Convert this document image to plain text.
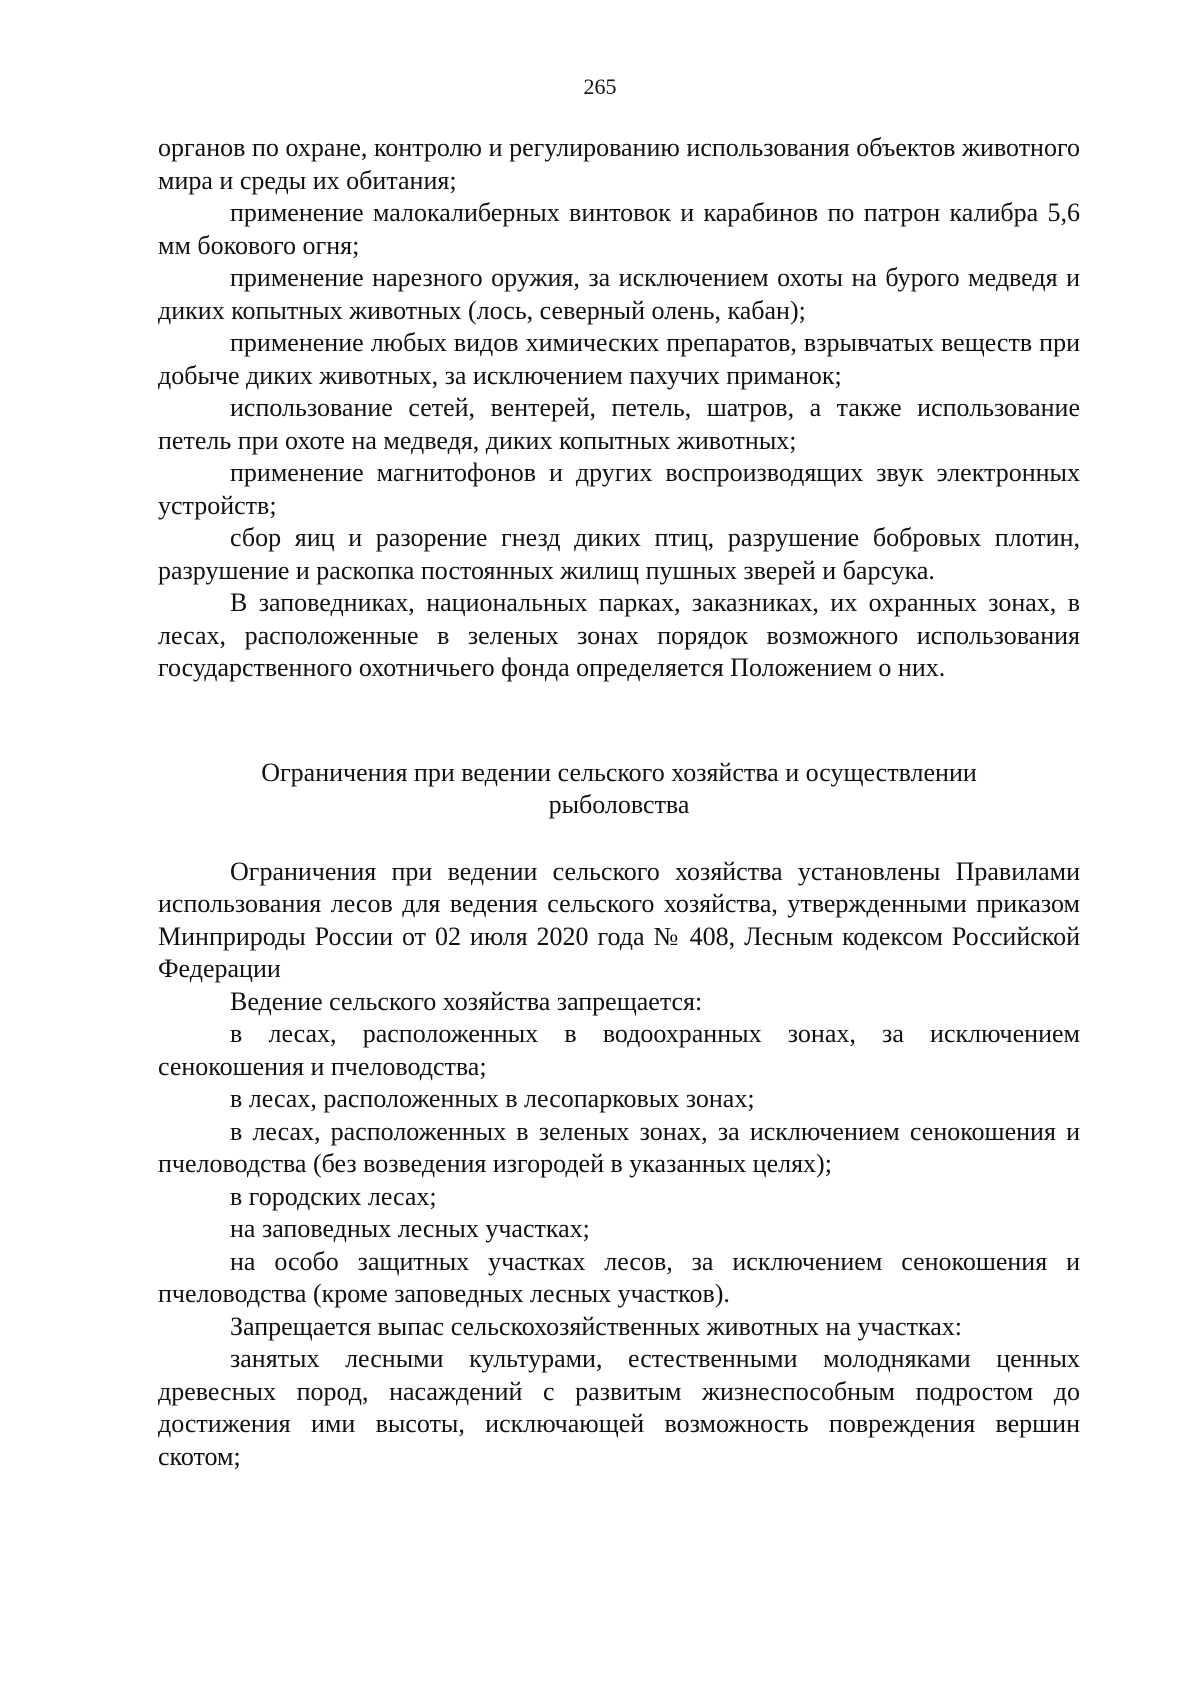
265

органов по охране, контролю и регулированию использования объектов животного мира и среды их обитания;

применение малокалиберных винтовок и карабинов по патрон калибра 5,6 мм бокового огня;

применение нарезного оружия, за исключением охоты на бурого медведя и диких копытных животных (лось, северный олень, кабан);

применение любых видов химических препаратов, взрывчатых веществ при добыче диких животных, за исключением пахучих приманок;

использование сетей, вентерей, петель, шатров, а также использование петель при охоте на медведя, диких копытных животных;

применение магнитофонов и других воспроизводящих звук электронных устройств;

сбор яиц и разорение гнезд диких птиц, разрушение бобровых плотин, разрушение и раскопка постоянных жилищ пушных зверей и барсука.

В заповедниках, национальных парках, заказниках, их охранных зонах, в лесах, расположенные в зеленых зонах порядок возможного использования государственного охотничьего фонда определяется Положением о них.

Ограничения при ведении сельского хозяйства и осуществлении
рыболовства

Ограничения при ведении сельского хозяйства установлены Правилами использования лесов для ведения сельского хозяйства, утвержденными приказом Минприроды России от 02 июля 2020 года № 408, Лесным кодексом Российской Федерации

Ведение сельского хозяйства запрещается:

в лесах, расположенных в водоохранных зонах, за исключением сенокошения и пчеловодства;

в лесах, расположенных в лесопарковых зонах;

в лесах, расположенных в зеленых зонах, за исключением сенокошения и пчеловодства (без возведения изгородей в указанных целях);

в городских лесах;

на заповедных лесных участках;

на особо защитных участках лесов, за исключением сенокошения и пчеловодства (кроме заповедных лесных участков).

Запрещается выпас сельскохозяйственных животных на участках:

занятых лесными культурами, естественными молодняками ценных древесных пород, насаждений с развитым жизнеспособным подростом до достижения ими высоты, исключающей возможность повреждения вершин скотом;
